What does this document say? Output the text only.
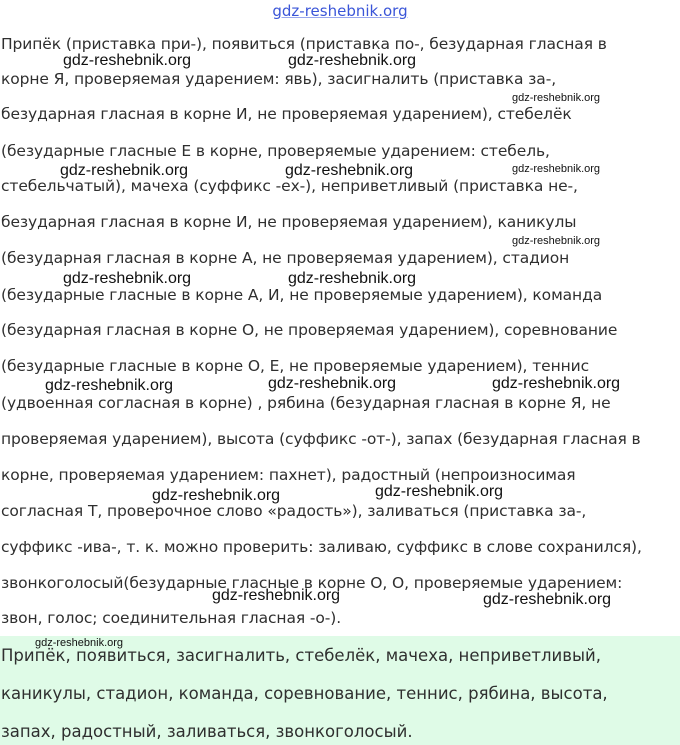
gdz-reshebnik.org
Припёк (приставка при-), появиться (приставка по-, безударная гласная в
корне Я, проверяемая ударением: явь), засигналить (приставка за-,
безударная гласная в корне И, не проверяемая ударением), стебелёк
(безударные гласные Е в корне, проверяемые ударением: стебель,
стебельчатый), мачеха (суффикс -ех-), неприветливый (приставка не-,
безударная гласная в корне И, не проверяемая ударением), каникулы
(безударная гласная в корне А, не проверяемая ударением), стадион
(безударные гласные в корне А, И, не проверяемые ударением), команда
(безударная гласная в корне О, не проверяемая ударением), соревнование
(безударные гласные в корне О, Е, не проверяемые ударением), теннис
(удвоенная согласная в корне) , рябина (безударная гласная в корне Я, не
проверяемая ударением), высота (суффикс -от-), запах (безударная гласная в
корне, проверяемая ударением: пахнет), радостный (непроизносимая
согласная Т, проверочное слово «радость»), заливаться (приставка за-,
суффикс -ива-, т. к. можно проверить: заливаю, суффикс в слове сохранился),
звонкоголосый(безударные гласные в корне О, О, проверяемые ударением:
звон, голос; соединительная гласная -о-).
Припёк, появиться, засигналить, стебелёк, мачеха, неприветливый,
каникулы, стадион, команда, соревнование, теннис, рябина, высота,
запах, радостный, заливаться, звонкоголосый.
gdz-reshebnik.org	gdz-reshebnik.org
gdz-reshebnik.org
gdz-reshebnik.org	gdz-reshebnik.org	gdz-reshebnik.org
gdz-reshebnik.org
gdz-reshebnik.org	gdz-reshebnik.org
gdz-reshebnik.org	gdz-reshebnik.org	gdz-reshebnik.org
gdz-reshebnik.org	gdz-reshebnik.org
gdz-reshebnik.org	gdz-reshebnik.org
gdz-reshebnik.org
